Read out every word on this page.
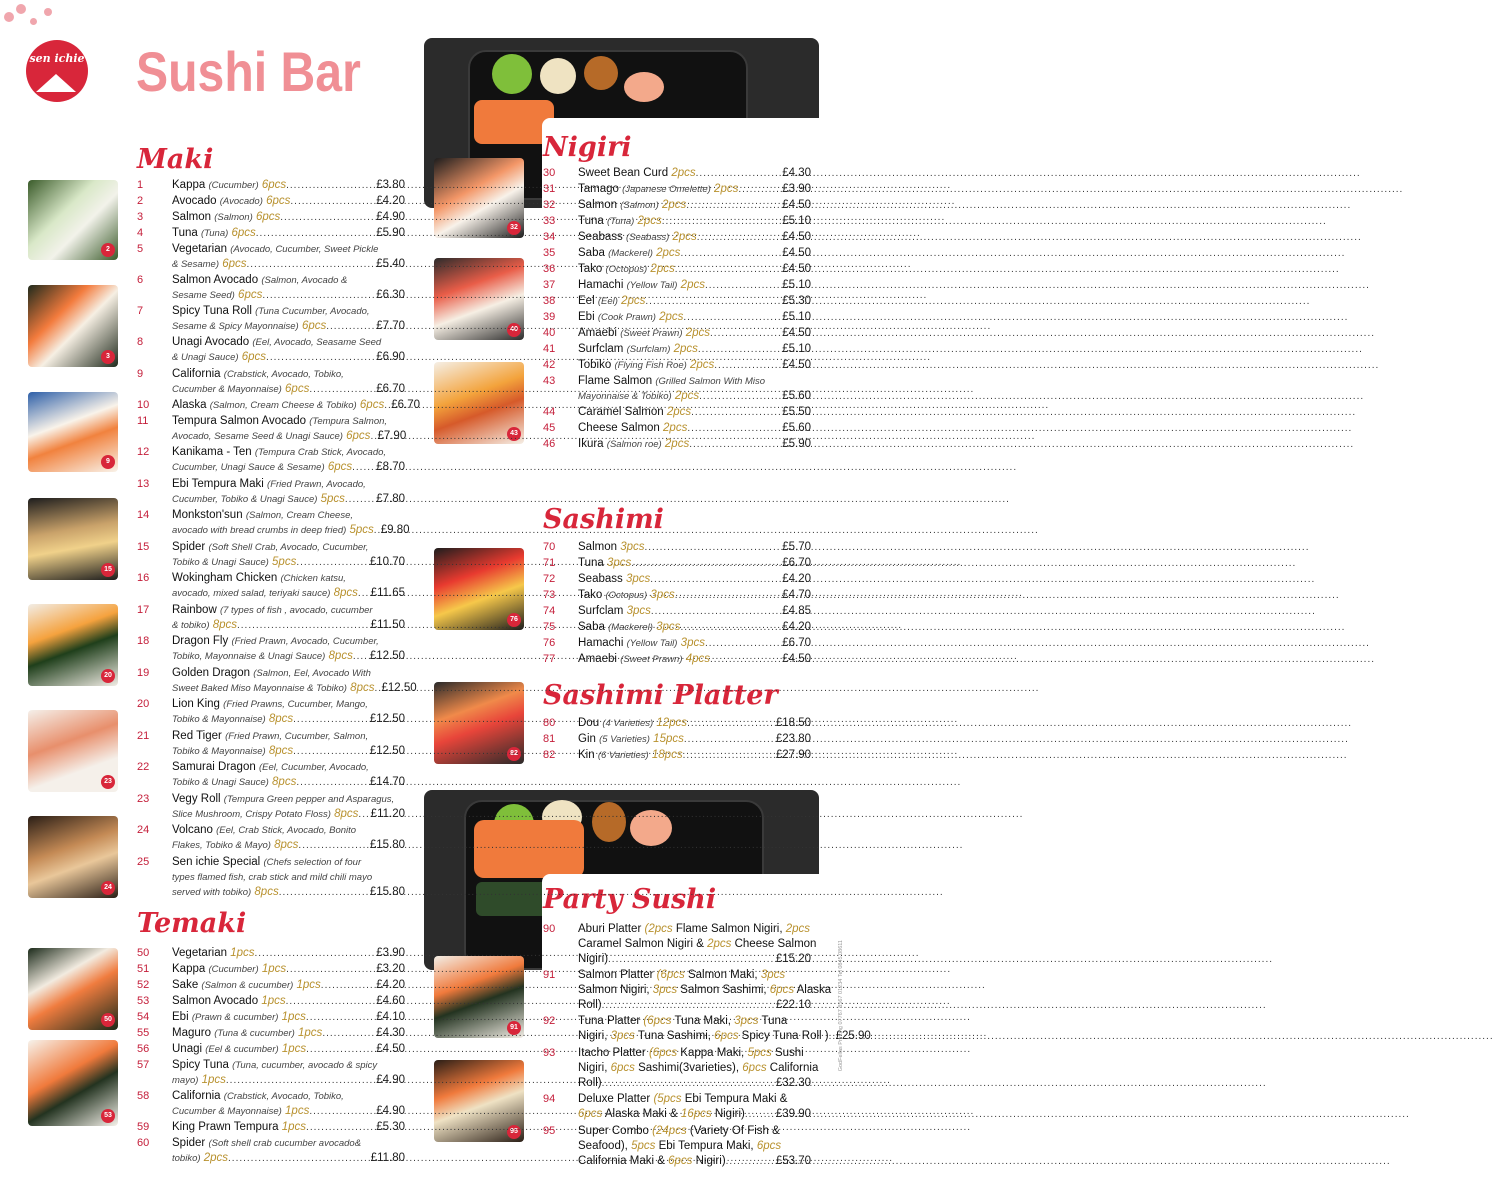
sen ichie Sushi Bar
Maki
Temaki
Nigiri
Sashimi
Sashimi Platter
Party Sushi
2
3
9
15
20
23
24
50
53
32
40
43
76
82
91
95
1	Kappa (Cucumber) 6pcs .....	£3.80
2	Avocado (Avocado) 6pcs .....	£4.20
3	Salmon (Salmon) 6pcs .....	£4.90
4	Tuna (Tuna) 6pcs .....	£5.90
5	Vegetarian (Avocado, Cucumber, Sweet Pickle
& Sesame) 6pcs .....	£5.40
6	Salmon Avocado (Salmon, Avocado &
Sesame Seed) 6pcs .....	£6.30
7	Spicy Tuna Roll (Tuna Cucumber, Avocado,
Sesame & Spicy Mayonnaise) 6pcs .....	£7.70
8	Unagi Avocado (Eel, Avocado, Seasame Seed
& Unagi Sauce) 6pcs .....	£6.90
9	California (Crabstick, Avocado, Tobiko,
Cucumber & Mayonnaise) 6pcs .....	£6.70
10	Alaska (Salmon, Cream Cheese & Tobiko) 6pcs ..... £6.70
11	Tempura Salmon Avocado (Tempura Salmon,
Avocado, Sesame Seed & Unagi Sauce) 6pcs ..... £7.90
12	Kanikama - Ten (Tempura Crab Stick, Avocado,
Cucumber, Unagi Sauce & Sesame) 6pcs ..... £8.70
13	Ebi Tempura Maki (Fried Prawn, Avocado,
Cucumber, Tobiko & Unagi Sauce) 5pcs .....	£7.80
14	Monkston'sun (Salmon, Cream Cheese,
avocado with bread crumbs in deep fried) 5pcs ..... £9.80
15	Spider (Soft Shell Crab, Avocado, Cucumber,
Tobiko & Unagi Sauce) 5pcs .....	£10.70
16	Wokingham Chicken (Chicken katsu,
avocado, mixed salad, teriyaki sauce) 8pcs ..... £11.65
17	Rainbow (7 types of fish , avocado, cucumber
& tobiko) 8pcs .....	£11.50
18	Dragon Fly (Fried Prawn, Avocado, Cucumber,
Tobiko, Mayonnaise & Unagi Sauce) 8pcs ..... £12.50
19	Golden Dragon (Salmon, Eel, Avocado With
Sweet Baked Miso Mayonnaise & Tobiko) 8pcs ..... £12.50
20	Lion King (Fried Prawns, Cucumber, Mango,
Tobiko & Mayonnaise) 8pcs .....	£12.50
21	Red Tiger (Fried Prawn, Cucumber, Salmon,
Tobiko & Mayonnaise) 8pcs .....	£12.50
22	Samurai Dragon (Eel, Cucumber, Avocado,
Tobiko & Unagi Sauce) 8pcs .....	£14.70
23	Vegy Roll (Tempura Green pepper and Asparagus,
Slice Mushroom, Crispy Potato Floss) 8pcs ..... £11.20
24	Volcano (Eel, Crab Stick, Avocado, Bonito
Flakes, Tobiko & Mayo) 8pcs .....	£15.80
25	Sen ichie Special (Chefs selection of four
types flamed fish, crab stick and mild chili mayo
served with tobiko) 8pcs .....	£15.80
50	Vegetarian 1pcs .....	£3.90
51	Kappa (Cucumber) 1pcs .....	£3.20
52	Sake (Salmon & cucumber) 1pcs .....	£4.20
53	Salmon Avocado 1pcs .....	£4.60
54	Ebi (Prawn & cucumber) 1pcs .....	£4.10
55	Maguro (Tuna & cucumber) 1pcs .....	£4.30
56	Unagi (Eel & cucumber) 1pcs .....	£4.50
57	Spicy Tuna (Tuna, cucumber, avocado & spicy
mayo) 1pcs .....	£4.90
58	California (Crabstick, Avocado, Tobiko,
Cucumber & Mayonnaise) 1pcs .....	£4.90
59	King Prawn Tempura 1pcs .....	£5.30
60	Spider (Soft shell crab cucumber avocado&
tobiko) 2pcs .....	£11.80
30	Sweet Bean Curd 2pcs .....	£4.30
31	Tamago (Japanese Omelette) 2pcs .....	£3.90
32	Salmon (Salmon) 2pcs .....	£4.50
33	Tuna (Tuna) 2pcs .....	£5.10
34	Seabass (Seabass) 2pcs .....	£4.50
35	Saba (Mackerel) 2pcs .....	£4.50
36	Tako (Octopus) 2pcs .....	£4.50
37	Hamachi (Yellow Tail) 2pcs .....	£5.10
38	Eel (Eel) 2pcs .....	£5.30
39	Ebi (Cook Prawn) 2pcs .....	£5.10
40	Amaebi (Sweet Prawn) 2pcs .....	£4.50
41	Surfclam (Surfclam) 2pcs .....	£5.10
42	Tobiko (Flying Fish Roe) 2pcs .....	£4.50
43	Flame Salmon (Grilled Salmon With Miso
Mayonnaise & Tobiko) 2pcs .....	£5.60
44	Caramel Salmon 2pcs .....	£5.50
45	Cheese Salmon 2pcs .....	£5.60
46	Ikura (Salmon roe) 2pcs .....	£5.90
70	Salmon 3pcs .....	£5.70
71	Tuna 3pcs .....	£6.70
72	Seabass 3pcs .....	£4.20
73	Tako (Octopus) 3pcs .....	£4.70
74	Surfclam 3pcs .....	£4.85
75	Saba (Mackerel) 3pcs .....	£4.20
76	Hamachi (Yellow Tail) 3pcs .....	£6.70
77	Amaebi (Sweet Prawn) 4pcs .....	£4.50
80	Dou (4 Varieties) 12pcs .....	£18.50
81	Gin (5 Varieties) 15pcs .....	£23.80
82	Kin (6 Varieties) 18pcs .....	£27.90
90	Aburi Platter (2pcs Flame Salmon Nigiri, 2pcs
Caramel Salmon Nigiri & 2pcs Cheese Salmon
Nigiri) .....	£15.20
91	Salmon Platter (6pcs Salmon Maki, 3pcs
Salmon Nigiri, 3pcs Salmon Sashimi, 6pcs Alaska
Roll) .....	£22.10
92	Tuna Platter (6pcs Tuna Maki, 3pcs Tuna
Nigiri, 3pcs Tuna Sashimi, 6pcs Spicy Tuna Roll ) ..... £25.90
93	Itacho Platter (6pcs Kappa Maki, 5pcs Sushi
Nigiri, 6pcs Sashimi(3varieties), 6pcs California
Roll) .....	£32.30
94	Deluxe Platter (5pcs Ebi Tempura Maki &
6pcs Alaska Maki & 16pcs Nigiri) .....	£39.90
95	Super Combo (24pcs (Variety Of Fish &
Seafood), 5pcs Ebi Tempura Maki, 6pcs
California Maki & 6pcs Nigiri) .....	£53.70
GodFellas Printing 07767 8567 01234 Tel 0845 08611
